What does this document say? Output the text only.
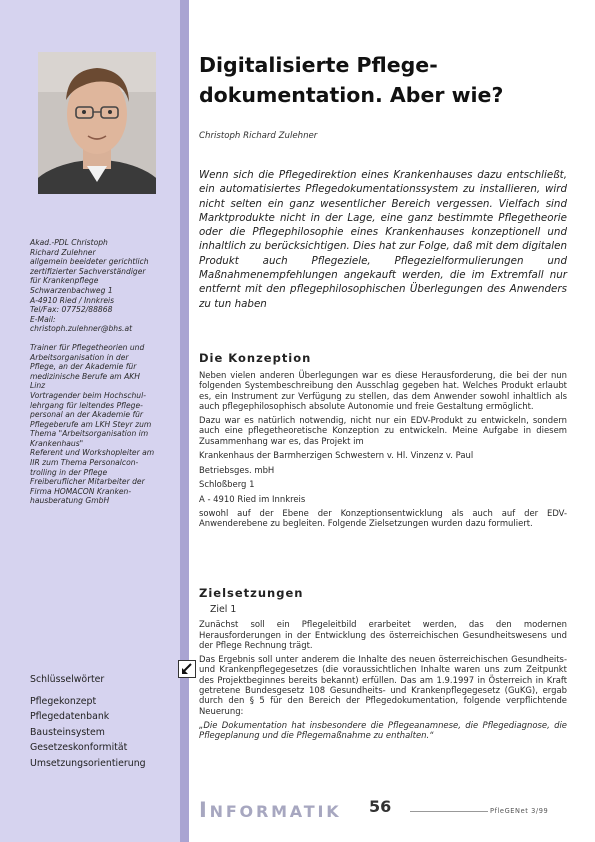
Akad.-PDL Christoph
Richard Zulehner
allgemein beeideter gerichtlich
zertifizierter Sachverständiger
für Krankenpflege
Schwarzenbachweg 1
A-4910 Ried / Innkreis
Tel/Fax: 07752/88868
E-Mail:
christoph.zulehner@bhs.at

Trainer für Pflegetheorien und
Arbeitsorganisation in der
Pflege, an der Akademie für
medizinische Berufe am AKH
Linz
Vortragender beim Hochschul-
lehrgang für leitendes Pflege-
personal an der Akademie für
Pflegeberufe am LKH Steyr zum
Thema "Arbeitsorganisation im
Krankenhaus"
Referent und Workshopleiter am
IIR zum Thema Personalcon-
trolling in der Pflege
Freiberuflicher Mitarbeiter der
Firma HOMACON Kranken-
hausberatung GmbH

Schlüsselwörter
Pflegekonzept
Pflegedatenbank
Bausteinsystem
Gesetzeskonformität
Umsetzungsorientierung
Digitalisierte Pflege-
dokumentation. Aber wie?
Christoph Richard Zulehner
Wenn sich die Pflegedirektion eines Krankenhauses dazu entschließt, ein automatisiertes Pflegedokumentationssystem zu installieren, wird nicht selten ein ganz wesentlicher Bereich vergessen. Vielfach sind Marktprodukte nicht in der Lage, eine ganz bestimmte Pflegetheorie oder die Pflegephilosophie eines Krankenhauses konzeptionell und inhaltlich zu berücksichtigen. Dies hat zur Folge, daß mit dem digitalen Produkt auch Pflegeziele, Pflegezielformulierungen und Maßnahmenempfehlungen angekauft werden, die im Extremfall nur entfernt mit den pflegephilosophischen Überlegungen des Anwenders zu tun haben
Die Konzeption

Neben vielen anderen Überlegungen war es diese Herausforderung, die bei der nun folgenden Systembeschreibung den Ausschlag gegeben hat. Welches Produkt erlaubt es, ein Instrument zur Verfügung zu stellen, das dem Anwender sowohl inhaltlich als auch pflegephilosophisch absolute Autonomie und freie Gestaltung ermöglicht.

Dazu war es natürlich notwendig, nicht nur ein EDV-Produkt zu entwickeln, sondern auch eine pflegetheoretische Konzeption zu entwickeln. Meine Aufgabe in diesem Zusammenhang war es, das Projekt im

Krankenhaus der Barmherzigen Schwestern v. Hl. Vinzenz v. Paul

Betriebsges. mbH

Schloßberg 1

A - 4910 Ried im Innkreis

sowohl auf der Ebene der Konzeptionsentwicklung als auch auf der EDV-Anwenderebene zu begleiten. Folgende Zielsetzungen wurden dazu formuliert.

Zielsetzungen

Ziel 1

Zunächst soll ein Pflegeleitbild erarbeitet werden, das den modernen Herausforderungen in der Entwicklung des österreichischen Gesundheitswesens und der Pflege Rechnung trägt.

Das Ergebnis soll unter anderem die Inhalte des neuen österreichischen Gesundheits- und Krankenpflegegesetzes (die voraussichtlichen Inhalte waren uns zum Zeitpunkt des Projektbeginnes bereits bekannt) erfüllen. Das am 1.9.1997 in Österreich in Kraft getretene Bundesgesetz 108 Gesundheits- und Krankenpflegegesetz (GuKG), ergab durch den § 5 für den Bereich der Pflegedokumentation, folgende verpflichtende Neuerung:

„Die Dokumentation hat insbesondere die Pflegeanamnese, die Pflegediagnose, die Pflegeplanung und die Pflegemaßnahme zu enthalten.“

INFORMATIK 56	PfleGENet 3/99
